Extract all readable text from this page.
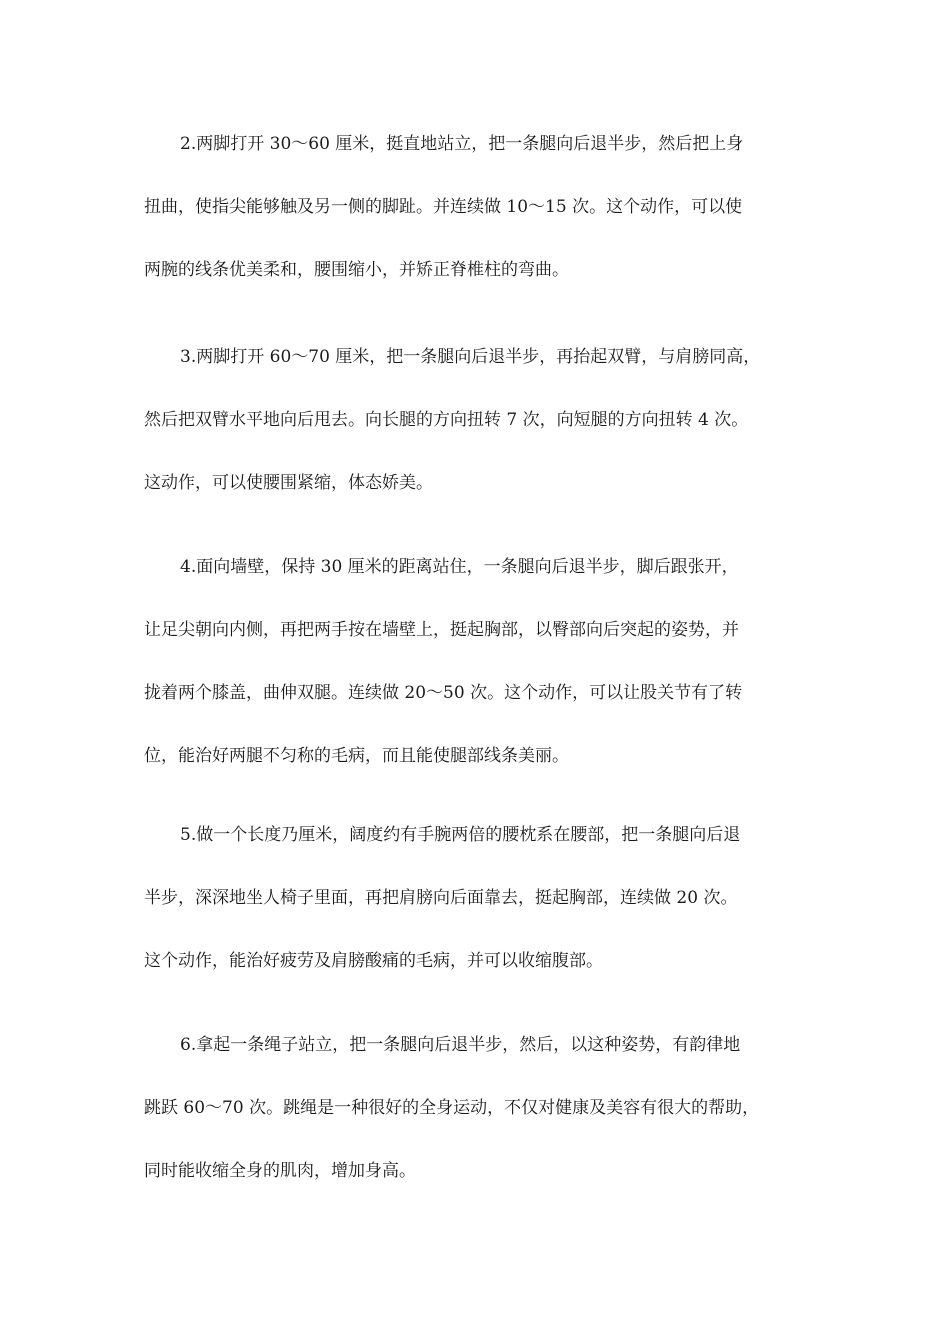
2.两脚打开 30～60 厘米，挺直地站立，把一条腿向后退半步，然后把上身
扭曲，使指尖能够触及另一侧的脚趾。并连续做 10～15 次。这个动作，可以使
两腕的线条优美柔和，腰围缩小，并矫正脊椎柱的弯曲。

3.两脚打开 60～70 厘米，把一条腿向后退半步，再抬起双臂，与肩膀同高，
然后把双臂水平地向后甩去。向长腿的方向扭转 7 次，向短腿的方向扭转 4 次。
这动作，可以使腰围紧缩，体态娇美。

4.面向墙壁，保持 30 厘米的距离站住，一条腿向后退半步，脚后跟张开，
让足尖朝向内侧，再把两手按在墙壁上，挺起胸部，以臀部向后突起的姿势，并
拢着两个膝盖，曲伸双腿。连续做 20～50 次。这个动作，可以让股关节有了转
位，能治好两腿不匀称的毛病，而且能使腿部线条美丽。

5.做一个长度乃厘米，阔度约有手腕两倍的腰枕系在腰部，把一条腿向后退
半步，深深地坐人椅子里面，再把肩膀向后面靠去，挺起胸部，连续做 20 次。
这个动作，能治好疲劳及肩膀酸痛的毛病，并可以收缩腹部。

6.拿起一条绳子站立，把一条腿向后退半步，然后，以这种姿势，有韵律地
跳跃 60～70 次。跳绳是一种很好的全身运动，不仅对健康及美容有很大的帮助，
同时能收缩全身的肌肉，增加身高。
